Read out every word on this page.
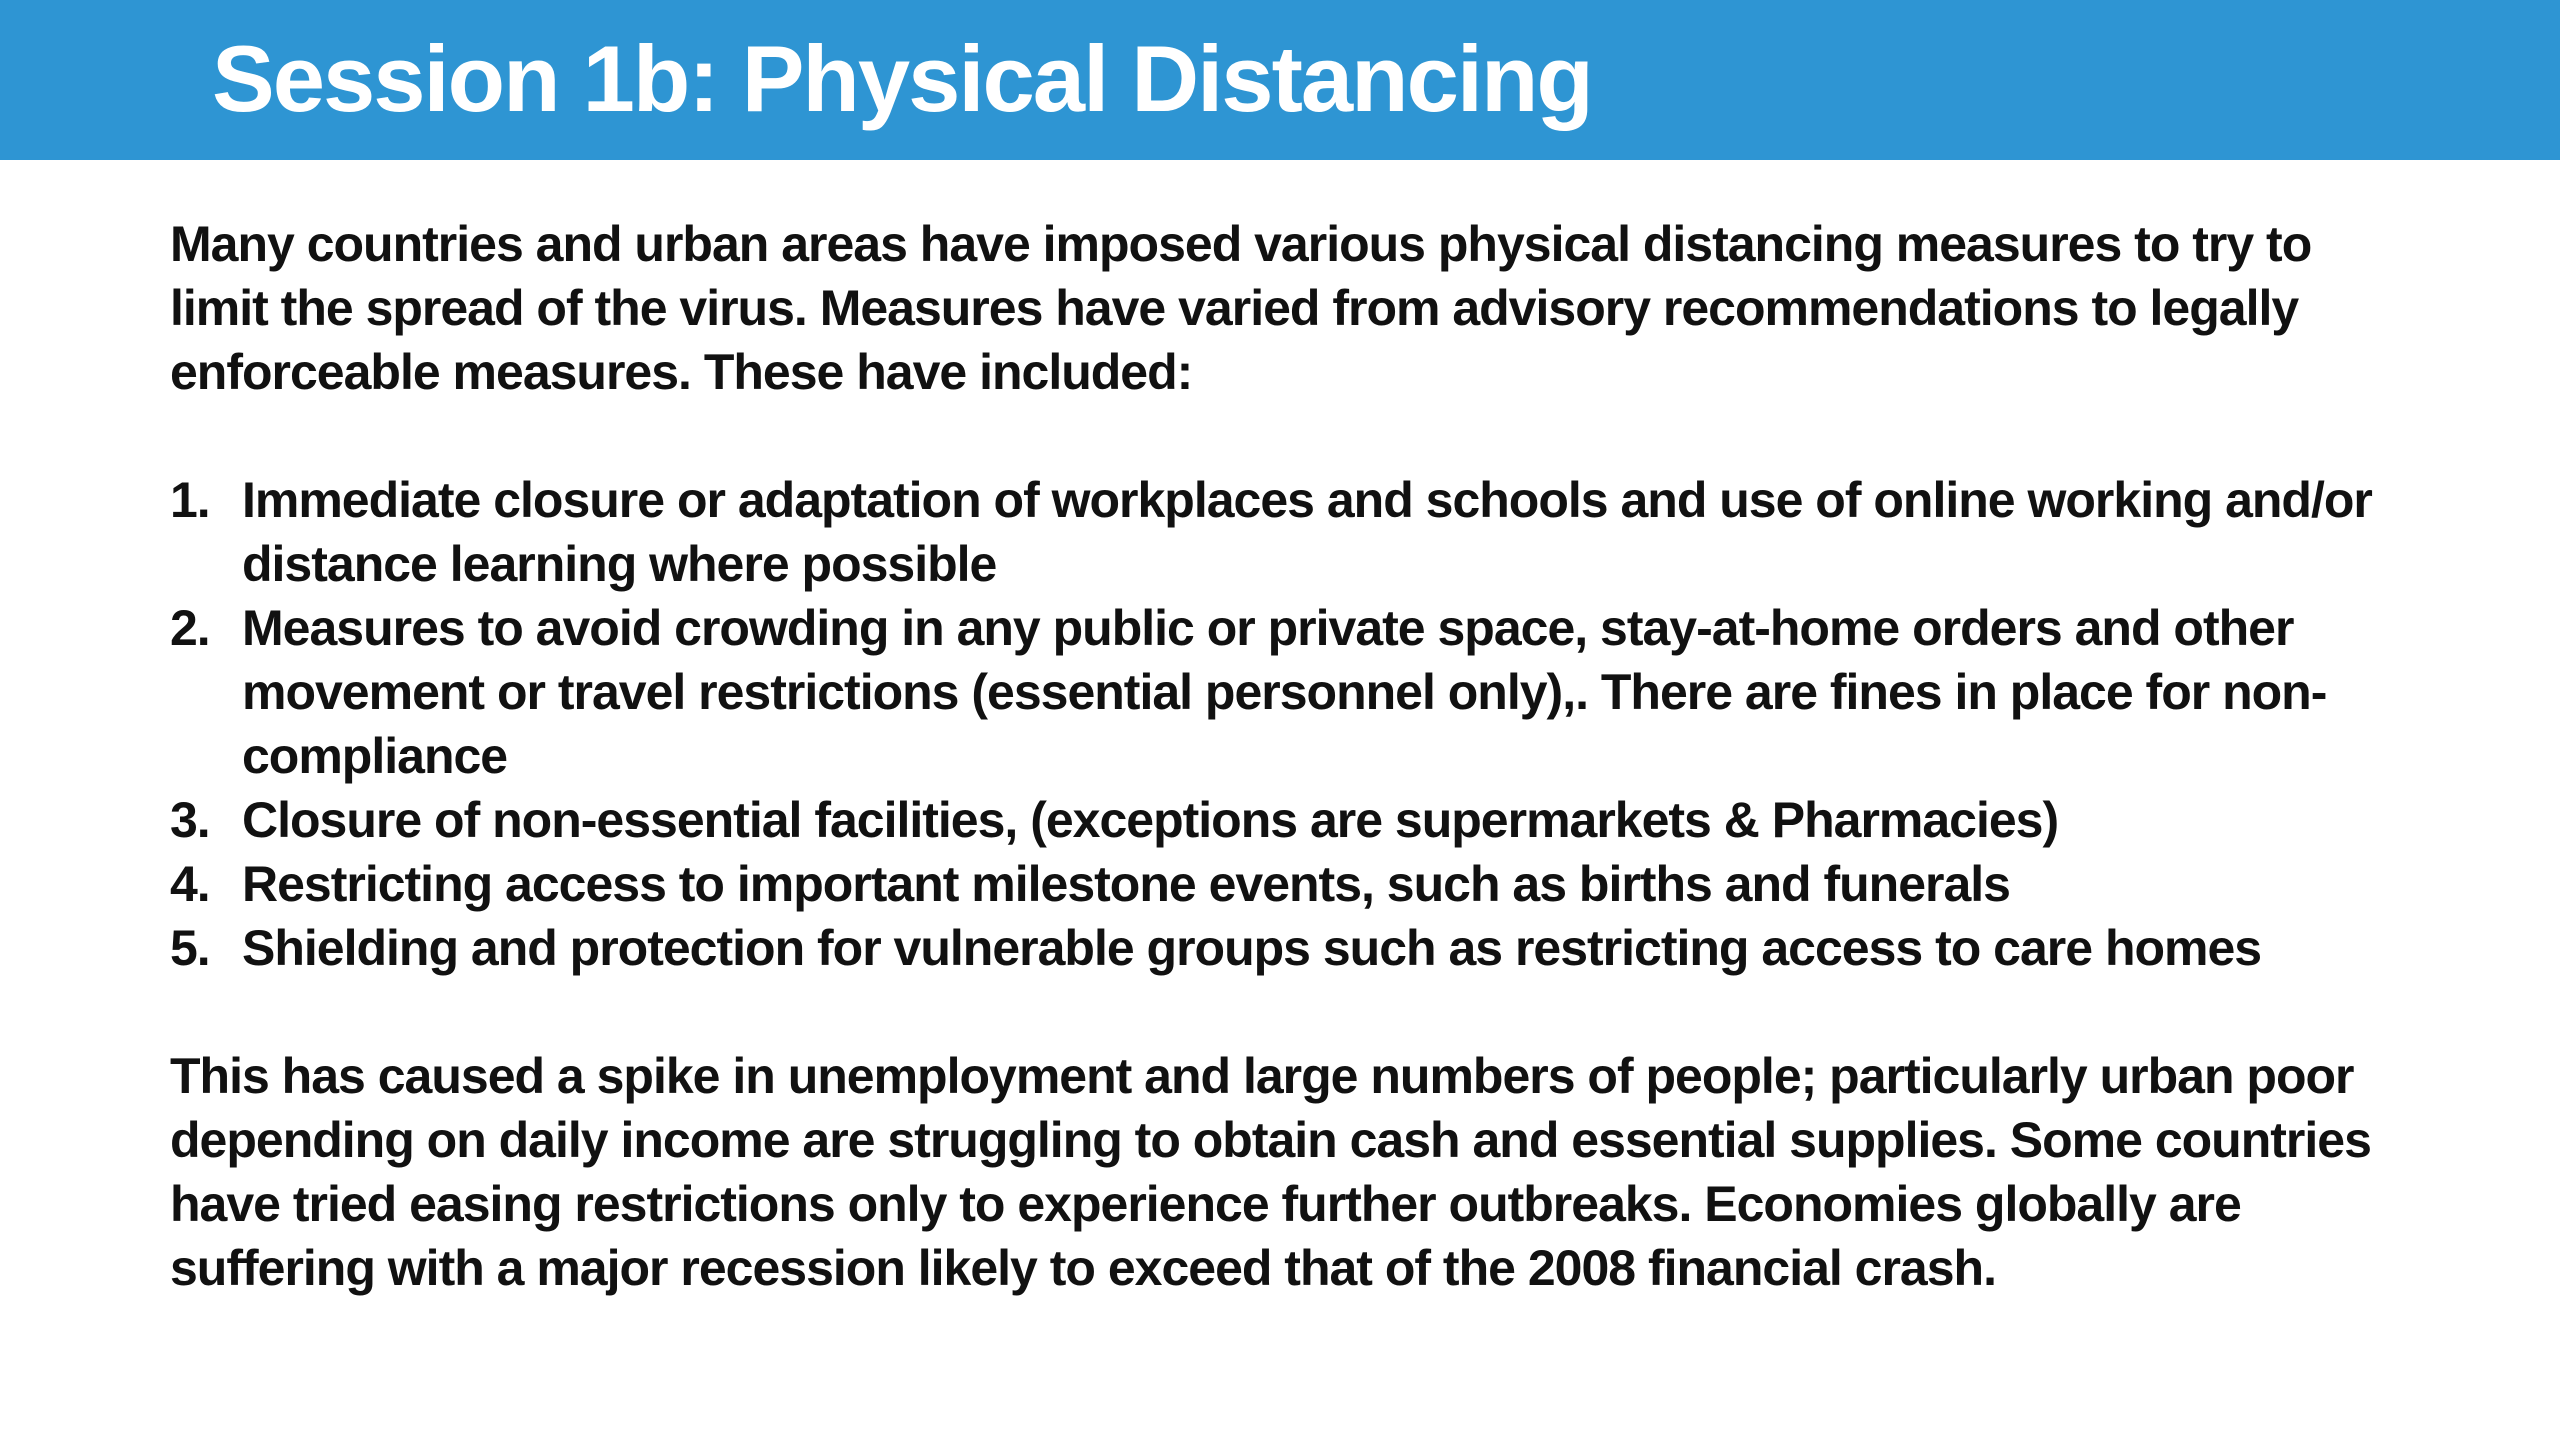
Session 1b: Physical Distancing

Many countries and urban areas have imposed various physical distancing measures to try to limit the spread of the virus. Measures have varied from advisory recommendations to legally enforceable measures. These have included:

1. Immediate closure or adaptation of workplaces and schools and use of online working and/or distance learning where possible
2. Measures to avoid crowding in any public or private space, stay-at-home orders and other movement or travel restrictions (essential personnel only),. There are fines in place for non-compliance
3. Closure of non-essential facilities, (exceptions are supermarkets & Pharmacies)
4. Restricting access to important milestone events, such as births and funerals
5. Shielding and protection for vulnerable groups such as restricting access to care homes

This has caused a spike in unemployment and large numbers of people; particularly urban poor depending on daily income are struggling to obtain cash and essential supplies. Some countries have tried easing restrictions only to experience further outbreaks. Economies globally are suffering with a major recession likely to exceed that of the 2008 financial crash.
